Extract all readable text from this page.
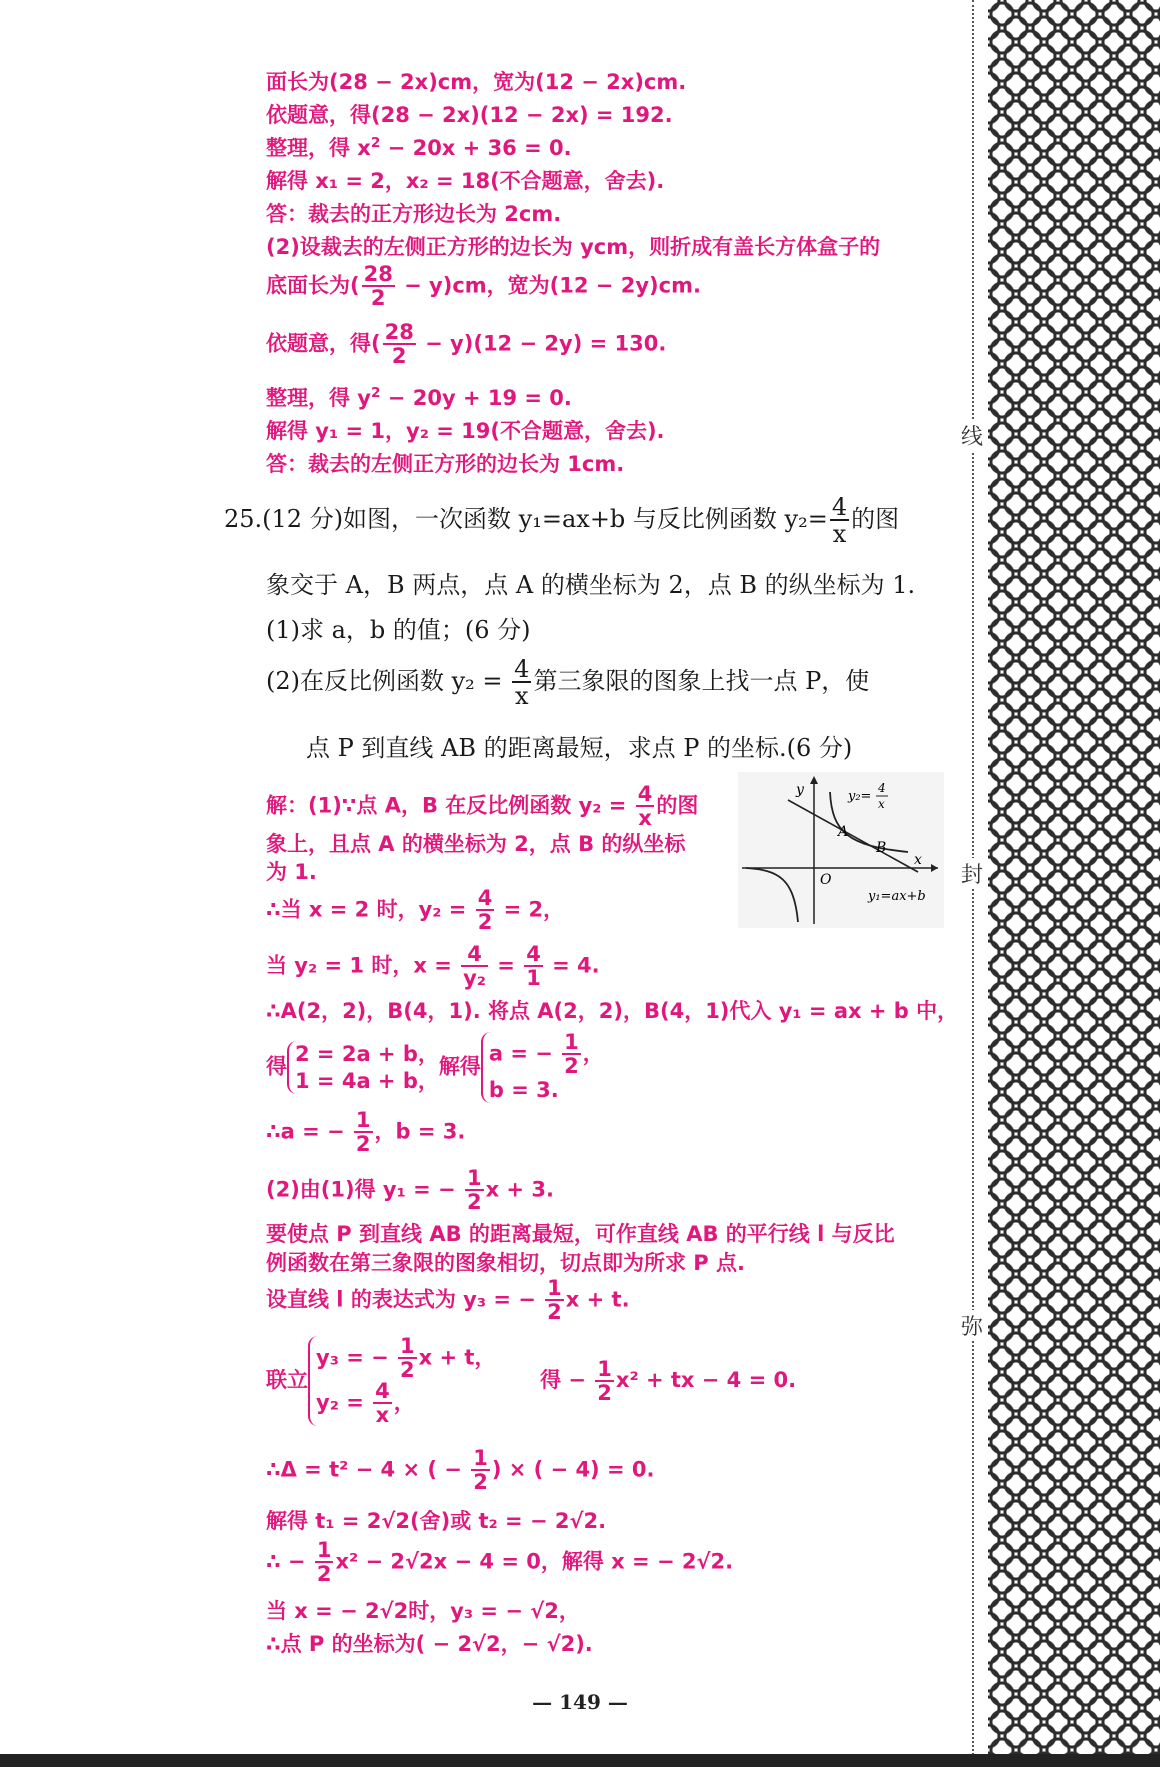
线
封
弥
面长为(28 − 2x)cm，宽为(12 − 2x)cm.
依题意，得(28 − 2x)(12 − 2x) = 192.
整理，得 $x^2 - 20x + 36 = 0$.
解得 x₁ = 2，x₂ = 18(不合题意，舍去).
答：裁去的正方形边长为 2cm.
(2)设裁去的左侧正方形的边长为 ycm，则折成有盖长方体盒子的
底面长为( $\frac{28}{2} - y)cm$，宽为(12 − 2y)cm.
依题意，得( $\frac{28}{2} - y)(12 - 2y) = 130$.
整理，得 $y^2 - 20y + 19 = 0$.
解得 y₁ = 1，y₂ = 19(不合题意，舍去).
答：裁去的左侧正方形的边长为 1cm.
25.(12 分)如图，一次函数 y₁=ax+b 与反比例函数 $y_2= \frac{4}{x}$ 的图
象交于 A，B 两点，点 A 的横坐标为 2，点 B 的纵坐标为 1.
(1)求 a，b 的值；(6 分)
(2)在反比例函数 $y_2 = \frac{4}{x}$ 第三象限的图象上找一点 P，使
点 P 到直线 AB 的距离最短，求点 P 的坐标.(6 分)
y
x
O
A
B
y₂=
4
x
y₁=ax+b
解：(1)∵点 A，B 在反比例函数 $y_2 = \frac{4}{x}$ 的图
象上，且点 A 的横坐标为 2，点 B 的纵坐标
为 1.
∴当 x = 2 时，$y_2 = \frac{4}{2} = 2$，
当 y₂ = 1 时，$x = \frac{4}{\text{y₂}} = \frac{4}{1} = 4$.
∴A(2，2)，B(4，1). 将点 A(2，2)，B(4，1)代入 y₁ = ax + b 中，
得
2 = 2a + b，
1 = 4a + b，
解得
a = − $\frac{1}{2}$ ，
b = 3.
∴a = − $\frac{1}{2}$ ，b = 3.
(2)由(1)得 y₁ = − $\frac{1}{2}$ x + 3.
要使点 P 到直线 AB 的距离最短，可作直线 AB 的平行线 l 与反比
例函数在第三象限的图象相切，切点即为所求 P 点.
设直线 l 的表达式为 y₃ = − $\frac{1}{2}$ x + t.
联立
y₃ = − $\frac{1}{2}$ x + t，
$y_2 = \frac{4}{x}$ ，
得 − $\frac{1}{2} x^2$ + tx − 4 = 0.
∴Δ = t² − 4 × ( − $\frac{1}{2}$ ) × ( − 4) = 0.
解得 t₁ = 2√2(舍)或 t₂ = − 2√2.
∴ − $\frac{1}{2} x^2 - 2√2x - 4 = 0$，解得 x = − 2√2.
当 x = − 2√2时，y₃ = − √2，
∴点 P 的坐标为( − 2√2，− √2).
— 149 —
